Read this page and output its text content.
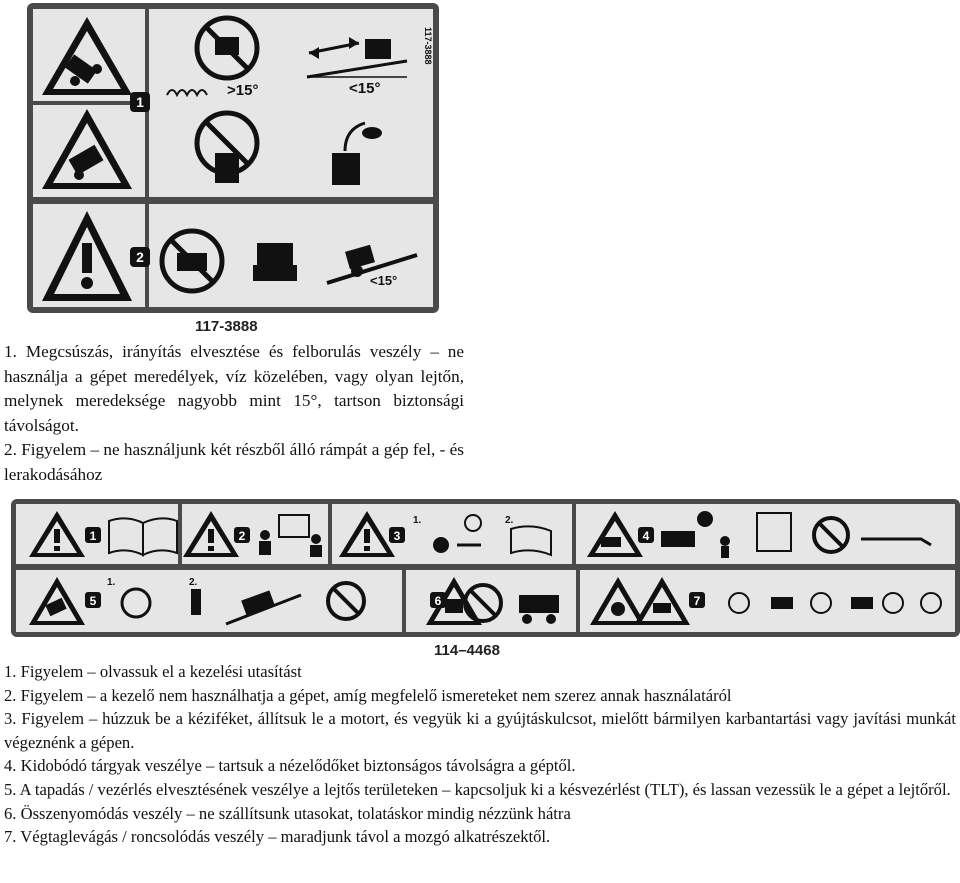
1
2
>15°	<15°
117-3888
<15°
117-3888

1. Megcsúszás, irányítás elvesztése és felborulás veszély – ne használja a gépet meredélyek, víz közelében, vagy olyan lejtőn, melynek meredeksége nagyobb mint 15°, tartson biztonsági távolságot.

2. Figyelem – ne használjunk két részből álló rámpát a gép fel, - és lerakodásához

1	2	3	4
5	6	7
1.	2.
1.	2.
114–4468

1. Figyelem – olvassuk el a kezelési utasítást

2. Figyelem – a kezelő nem használhatja a gépet, amíg megfelelő ismereteket nem szerez annak használatáról

3. Figyelem – húzzuk be a kéziféket, állítsuk le a motort, és vegyük ki a gyújtáskulcsot, mielőtt bármilyen karbantartási vagy javítási munkát végeznénk a gépen.

4. Kidobódó tárgyak veszélye – tartsuk a nézelődőket biztonságos távolságra a géptől.

5. A tapadás / vezérlés elvesztésének veszélye a lejtős területeken – kapcsoljuk ki a késvezérlést (TLT), és lassan vezessük le a gépet a lejtőről.

6. Összenyomódás veszély – ne szállítsunk utasokat, tolatáskor mindig nézzünk hátra

7. Végtaglevágás / roncsolódás veszély – maradjunk távol a mozgó alkatrészektől.
